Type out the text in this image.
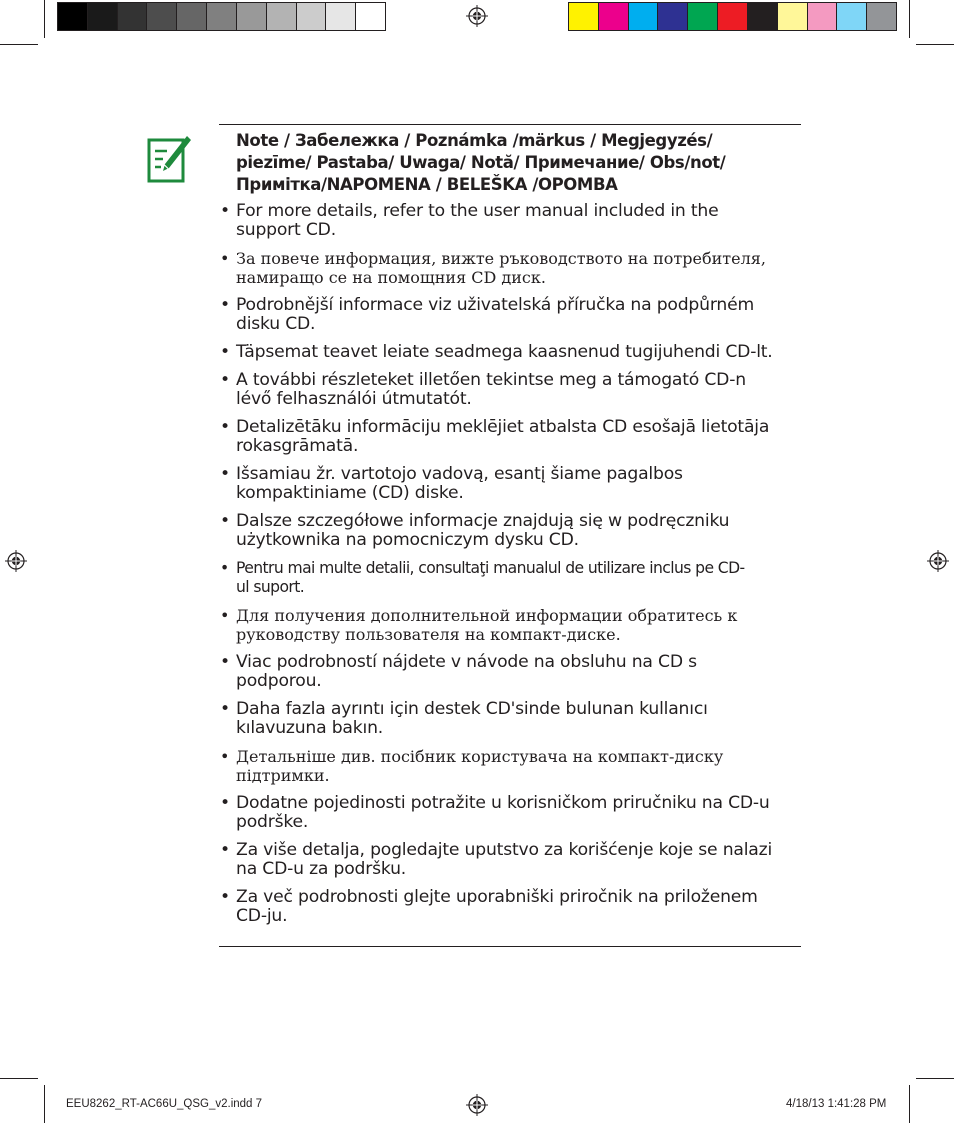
Note / Забележка / Poznámka /märkus / Megjegyzés/
piezīme/ Pastaba/ Uwaga/ Notă/ Примечание/ Obs/not/
Примітка/NAPOMENA / BELEŠKA /OPOMBA

• For more details, refer to the user manual included in the
support CD.
• За повече информация, вижте ръководството на потребителя,
намиращо се на помощния CD диск.
• Podrobnější informace viz uživatelská příručka na podpůrném
disku CD.
• Täpsemat teavet leiate seadmega kaasnenud tugijuhendi CD-lt.
• A további részleteket illetően tekintse meg a támogató CD-n
lévő felhasználói útmutatót.
• Detalizētāku informāciju meklējiet atbalsta CD esošajā lietotāja
rokasgrāmatā.
• Išsamiau žr. vartotojo vadovą, esantį šiame pagalbos
kompaktiniame (CD) diske.
• Dalsze szczegółowe informacje znajdują się w podręczniku
użytkownika na pomocniczym dysku CD.
• Pentru mai multe detalii, consultaţi manualul de utilizare inclus pe CD-
ul suport.
• Для получения дополнительной информации обратитесь к
руководству пользователя на компакт-диске.
• Viac podrobností nájdete v návode na obsluhu na CD s
podporou.
• Daha fazla ayrıntı için destek CD'sinde bulunan kullanıcı
kılavuzuna bakın.
• Детальніше див. посібник користувача на компакт-диску
підтримки.
• Dodatne pojedinosti potražite u korisničkom priručniku na CD-u
podrške.
• Za više detalja, pogledajte uputstvo za korišćenje koje se nalazi
na CD-u za podršku.
• Za več podrobnosti glejte uporabniški priročnik na priloženem
CD-ju.
EEU8262_RT-AC66U_QSG_v2.indd 7	4/18/13 1:41:28 PM
